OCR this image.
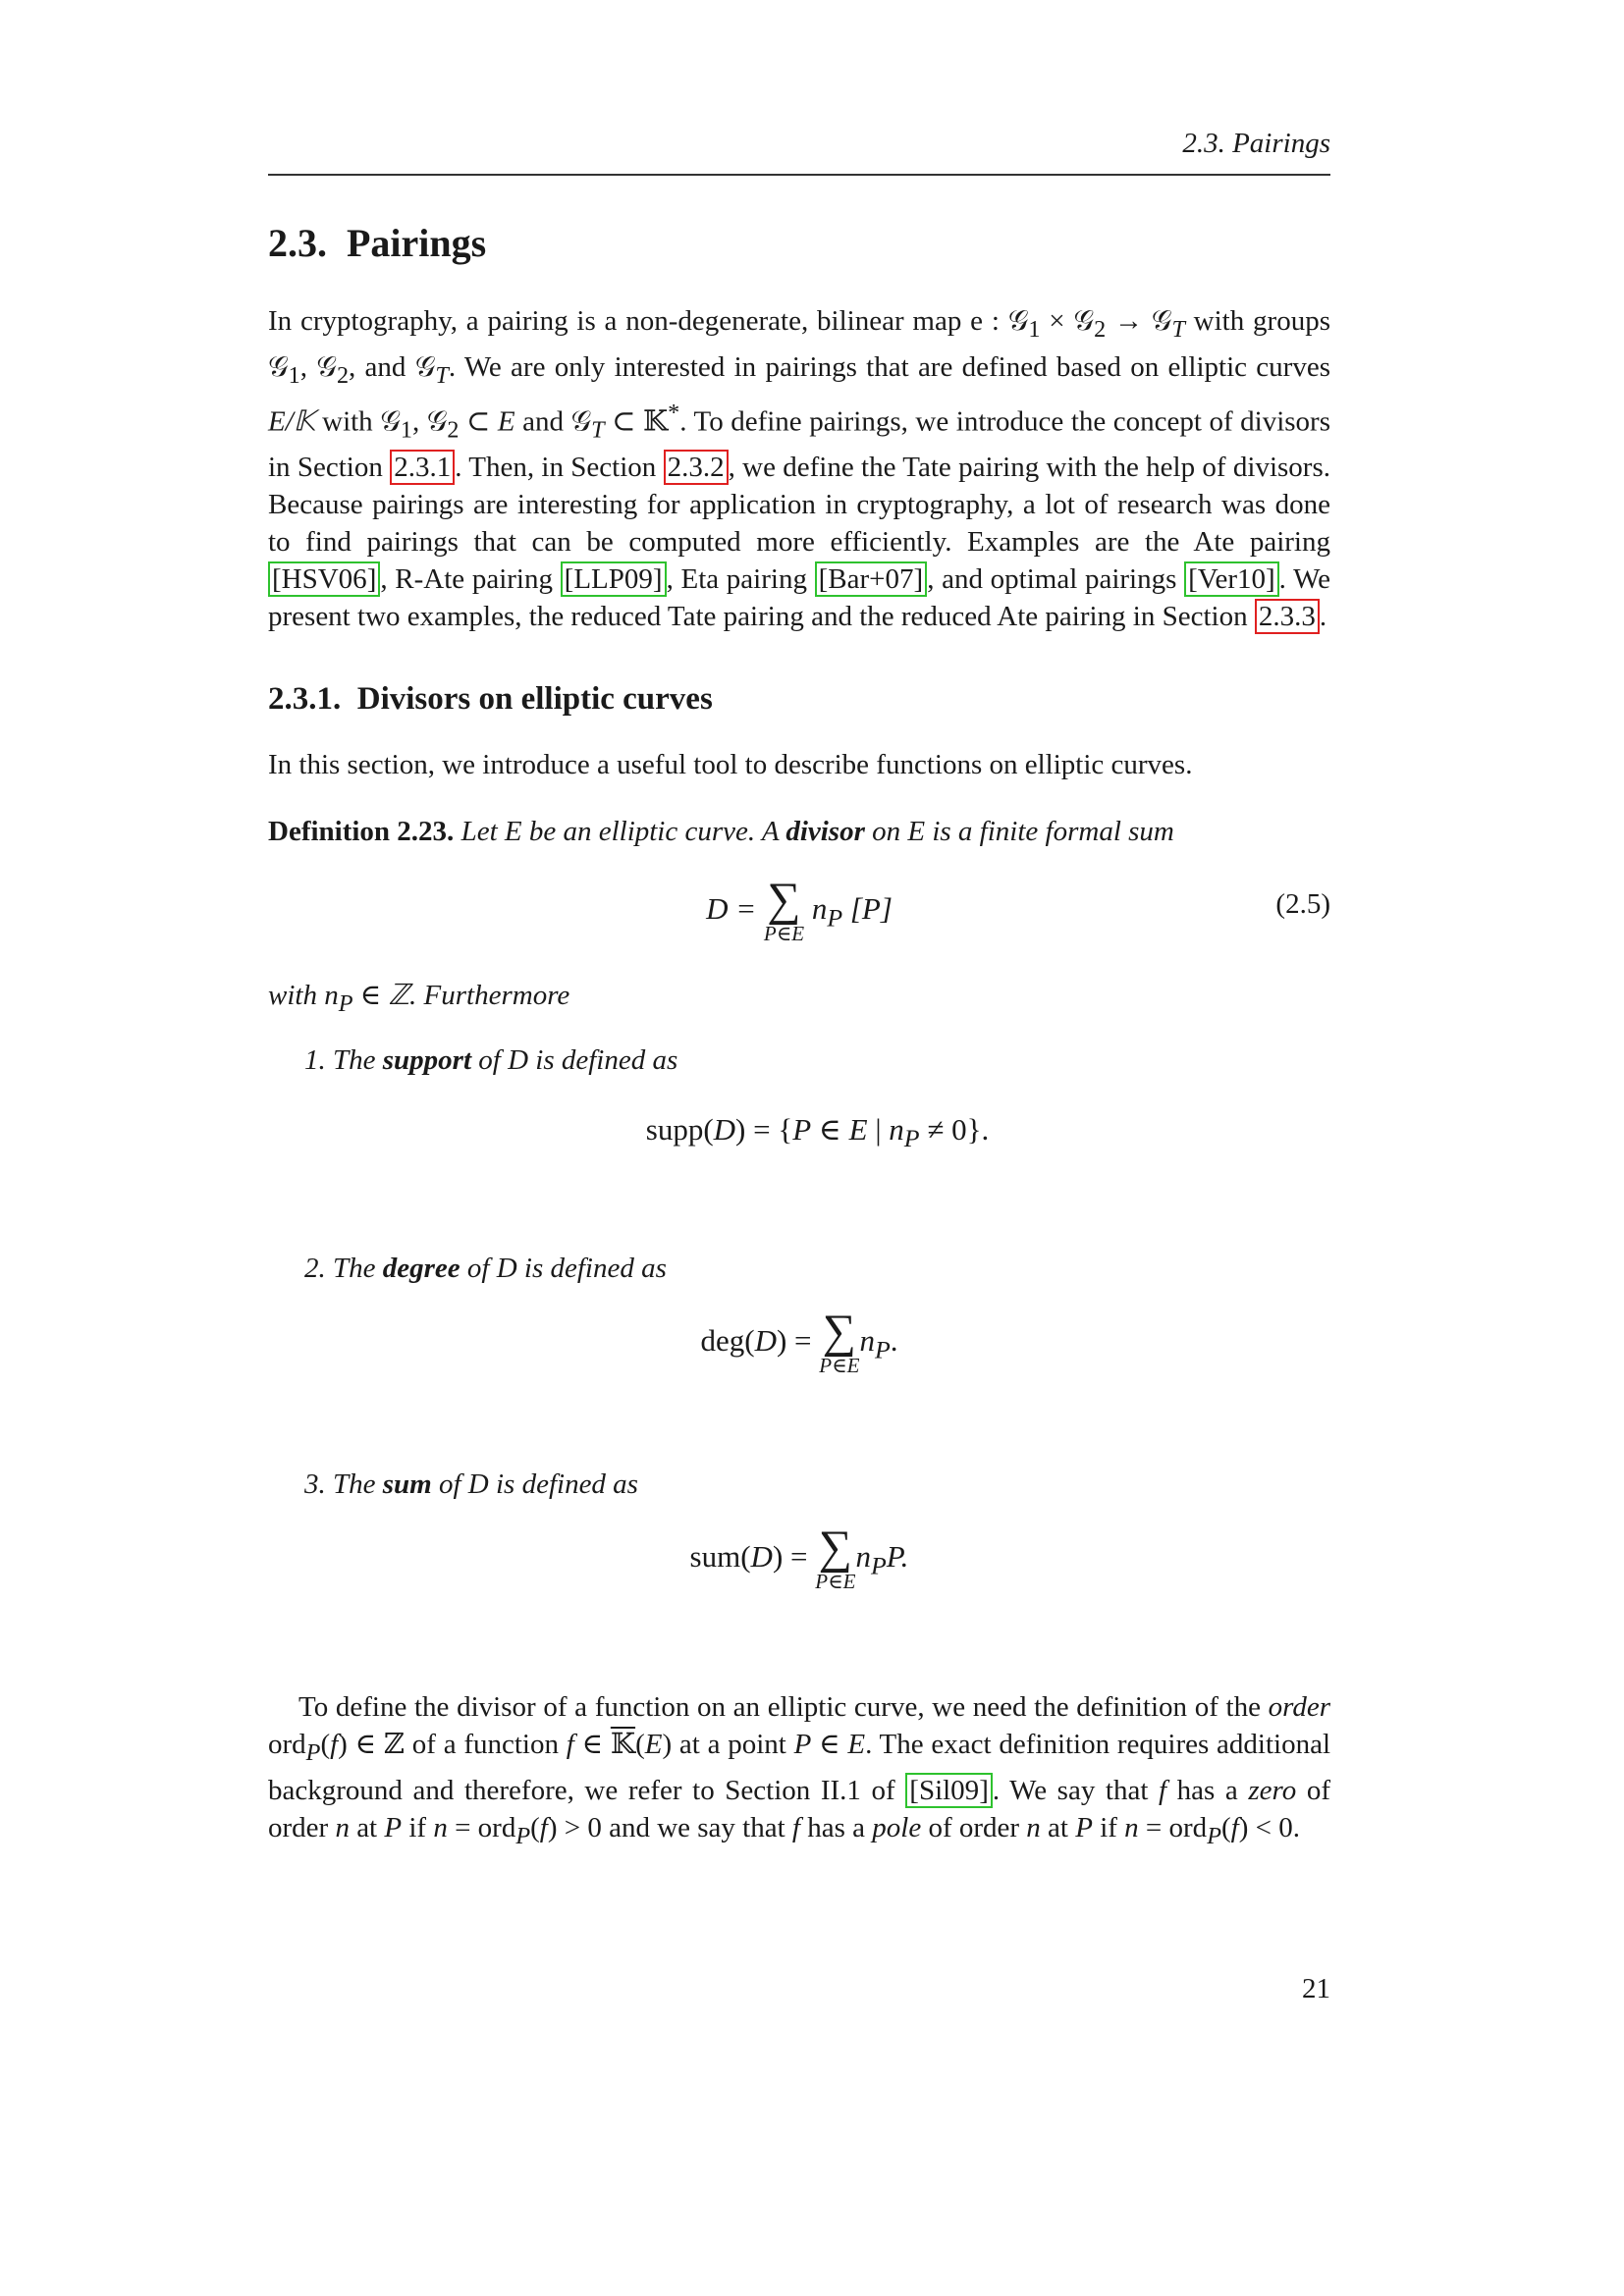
2.3. Pairings
2.3. Pairings

In cryptography, a pairing is a non-degenerate, bilinear map e : 𝒢$_1$ × 𝒢$_2$ → 𝒢$_T$ with groups 𝒢$_1$, 𝒢$_2$, and 𝒢$_T$. We are only interested in pairings that are defined based on elliptic curves E/𝕂 with 𝒢$_1$, 𝒢$_2$ ⊂ E and 𝒢$_T$ ⊂ 𝕂*. To define pairings, we introduce the concept of divisors in Section 2.3.1 . Then, in Section 2.3.2 , we define the Tate pairing with the help of divisors. Because pairings are interesting for application in cryptography, a lot of research was done to find pairings that can be computed more efficiently. Examples are the Ate pairing [HSV06] , R-Ate pairing [LLP09] , Eta pairing [Bar+07] , and optimal pairings [Ver10] . We present two examples, the reduced Tate pairing and the reduced Ate pairing in Section 2.3.3 .

2.3.1. Divisors on elliptic curves

In this section, we introduce a useful tool to describe functions on elliptic curves.

Definition 2.23. Let E be an elliptic curve. A divisor on E is a finite formal sum

D = ∑
P∈E
$n_P$ [P]	(2.5)

with $n_P$ ∈ ℤ. Furthermore

1. The support of D is defined as
supp(D) = {P ∈ E | $n_P \ne 0$}.
2. The degree of D is defined as
deg(D) = ∑
P∈E
$n_P$.
3. The sum of D is defined as
sum(D) = ∑
P∈E
$n_PP$.

To define the divisor of a function on an elliptic curve, we need the definition of the order ord$_P$(f) ∈ ℤ of a function f ∈ 𝕂(E) at a point P ∈ E. The exact definition requires additional background and therefore, we refer to Section II.1 of [Sil09] . We say that f has a zero of order n at P if n = ord$_P$(f) > 0 and we say that f has a pole of order n at P if n = ord$_P$(f) < 0.

21
